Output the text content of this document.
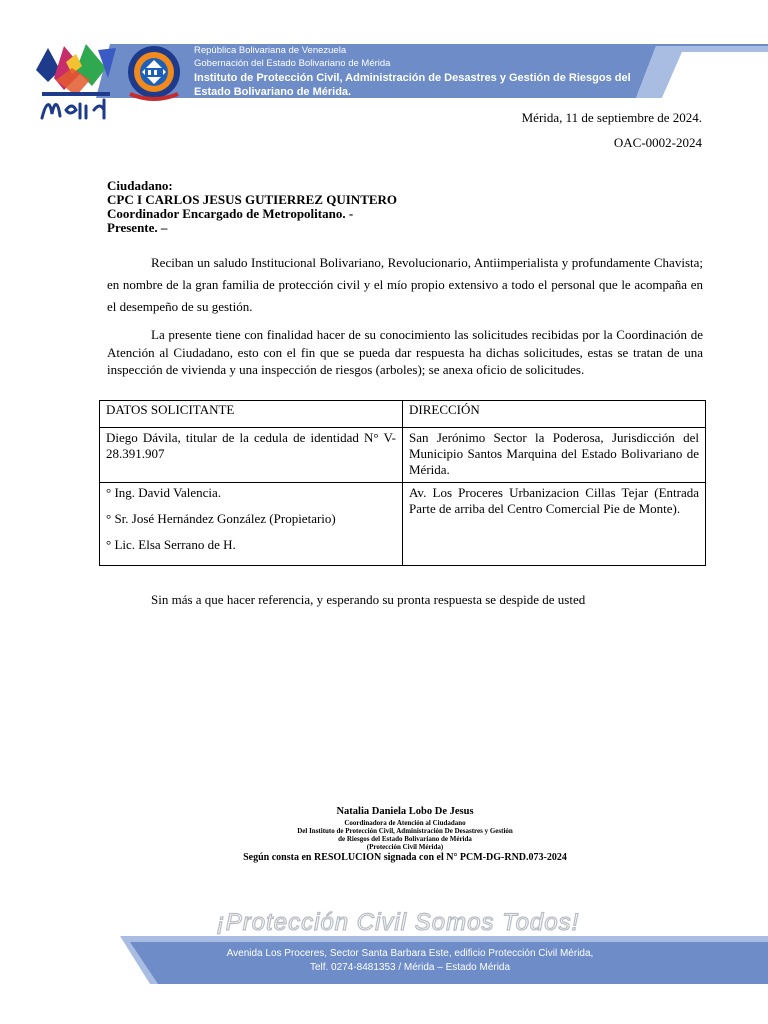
República Bolivariana de Venezuela
Gobernación del Estado Bolivariano de Mérida
Instituto de Protección Civil, Administración de Desastres y Gestión de Riesgos del
Estado Bolivariano de Mérida.
Mérida, 11 de septiembre de 2024.
OAC-0002-2024
Ciudadano:
CPC I CARLOS JESUS GUTIERREZ QUINTERO
Coordinador Encargado de Metropolitano. -
Presente. –
Reciban un saludo Institucional Bolivariano, Revolucionario, Antiimperialista y profundamente Chavista; en nombre de la gran familia de protección civil y el mío propio extensivo a todo el personal que le acompaña en el desempeño de su gestión.
La presente tiene con finalidad hacer de su conocimiento las solicitudes recibidas por la Coordinación de Atención al Ciudadano, esto con el fin que se pueda dar respuesta ha dichas solicitudes, estas se tratan de una inspección de vivienda y una inspección de riesgos (arboles); se anexa oficio de solicitudes.
DATOS SOLICITANTE	DIRECCIÓN
Diego Dávila, titular de la cedula de identidad N° V-28.391.907	San Jerónimo Sector la Poderosa, Jurisdicción del Municipio Santos Marquina del Estado Bolivariano de Mérida.

° Ing. David Valencia.
° Sr. José Hernández González (Propietario)
° Lic. Elsa Serrano de H.	Av. Los Proceres Urbanizacion Cillas Tejar (Entrada Parte de arriba del Centro Comercial Pie de Monte).
Sin más a que hacer referencia, y esperando su pronta respuesta se despide de usted
Natalia Daniela Lobo De Jesus
Coordinadora de Atención al Ciudadano
Del Instituto de Protección Civil, Administración De Desastres y Gestión
de Riesgos del Estado Bolivariano de Mérida
(Protección Civil Mérida)
Según consta en RESOLUCION signada con el N° PCM-DG-RND.073-2024
¡Protección Civil Somos Todos!
Avenida Los Proceres, Sector Santa Barbara Este, edificio Protección Civil Mérida,
Telf. 0274-8481353 / Mérida – Estado Mérida
